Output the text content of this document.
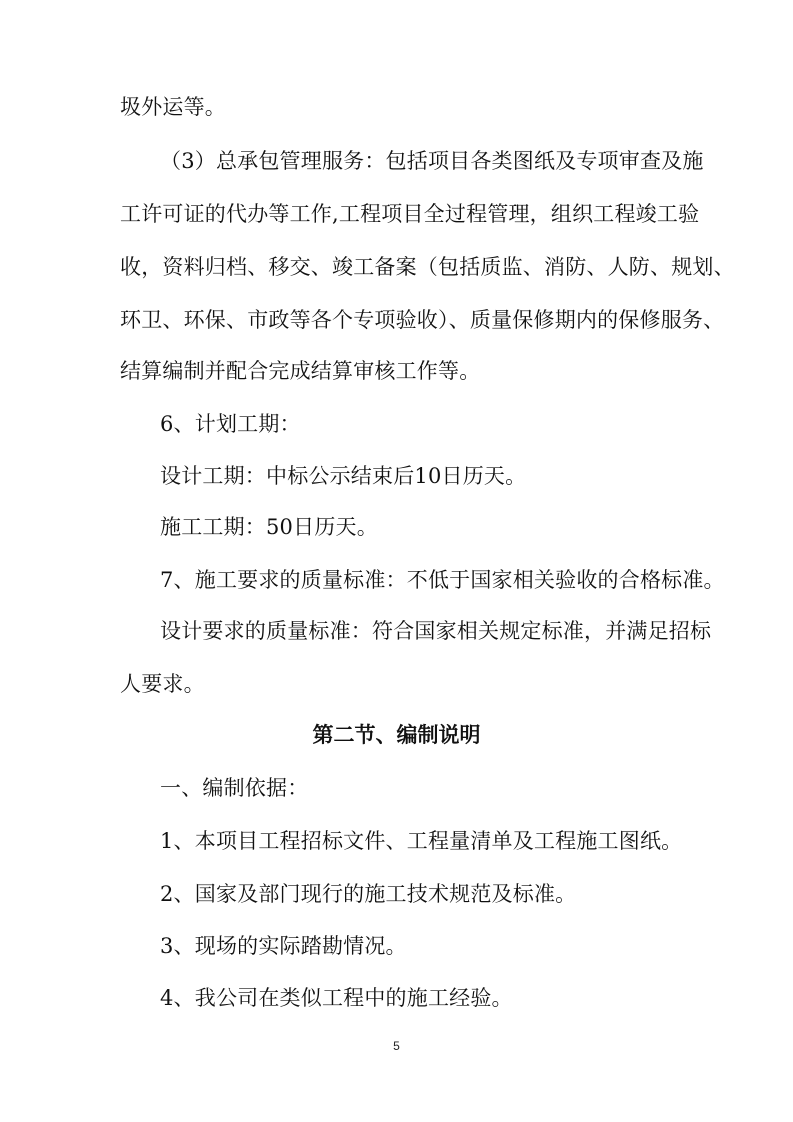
圾外运等。
（3）总承包管理服务：包括项目各类图纸及专项审查及施
工许可证的代办等工作,工程项目全过程管理，组织工程竣工验
收，资料归档、移交、竣工备案（包括质监、消防、人防、规划、
环卫、环保、市政等各个专项验收）、质量保修期内的保修服务、
结算编制并配合完成结算审核工作等。
6、计划工期：
设计工期：中标公示结束后10日历天。
施工工期：50日历天。
7、施工要求的质量标准：不低于国家相关验收的合格标准。
设计要求的质量标准：符合国家相关规定标准，并满足招标
人要求。
第二节、编制说明
一、编制依据：
1、本项目工程招标文件、工程量清单及工程施工图纸。
2、国家及部门现行的施工技术规范及标准。
3、现场的实际踏勘情况。
4、我公司在类似工程中的施工经验。
5
